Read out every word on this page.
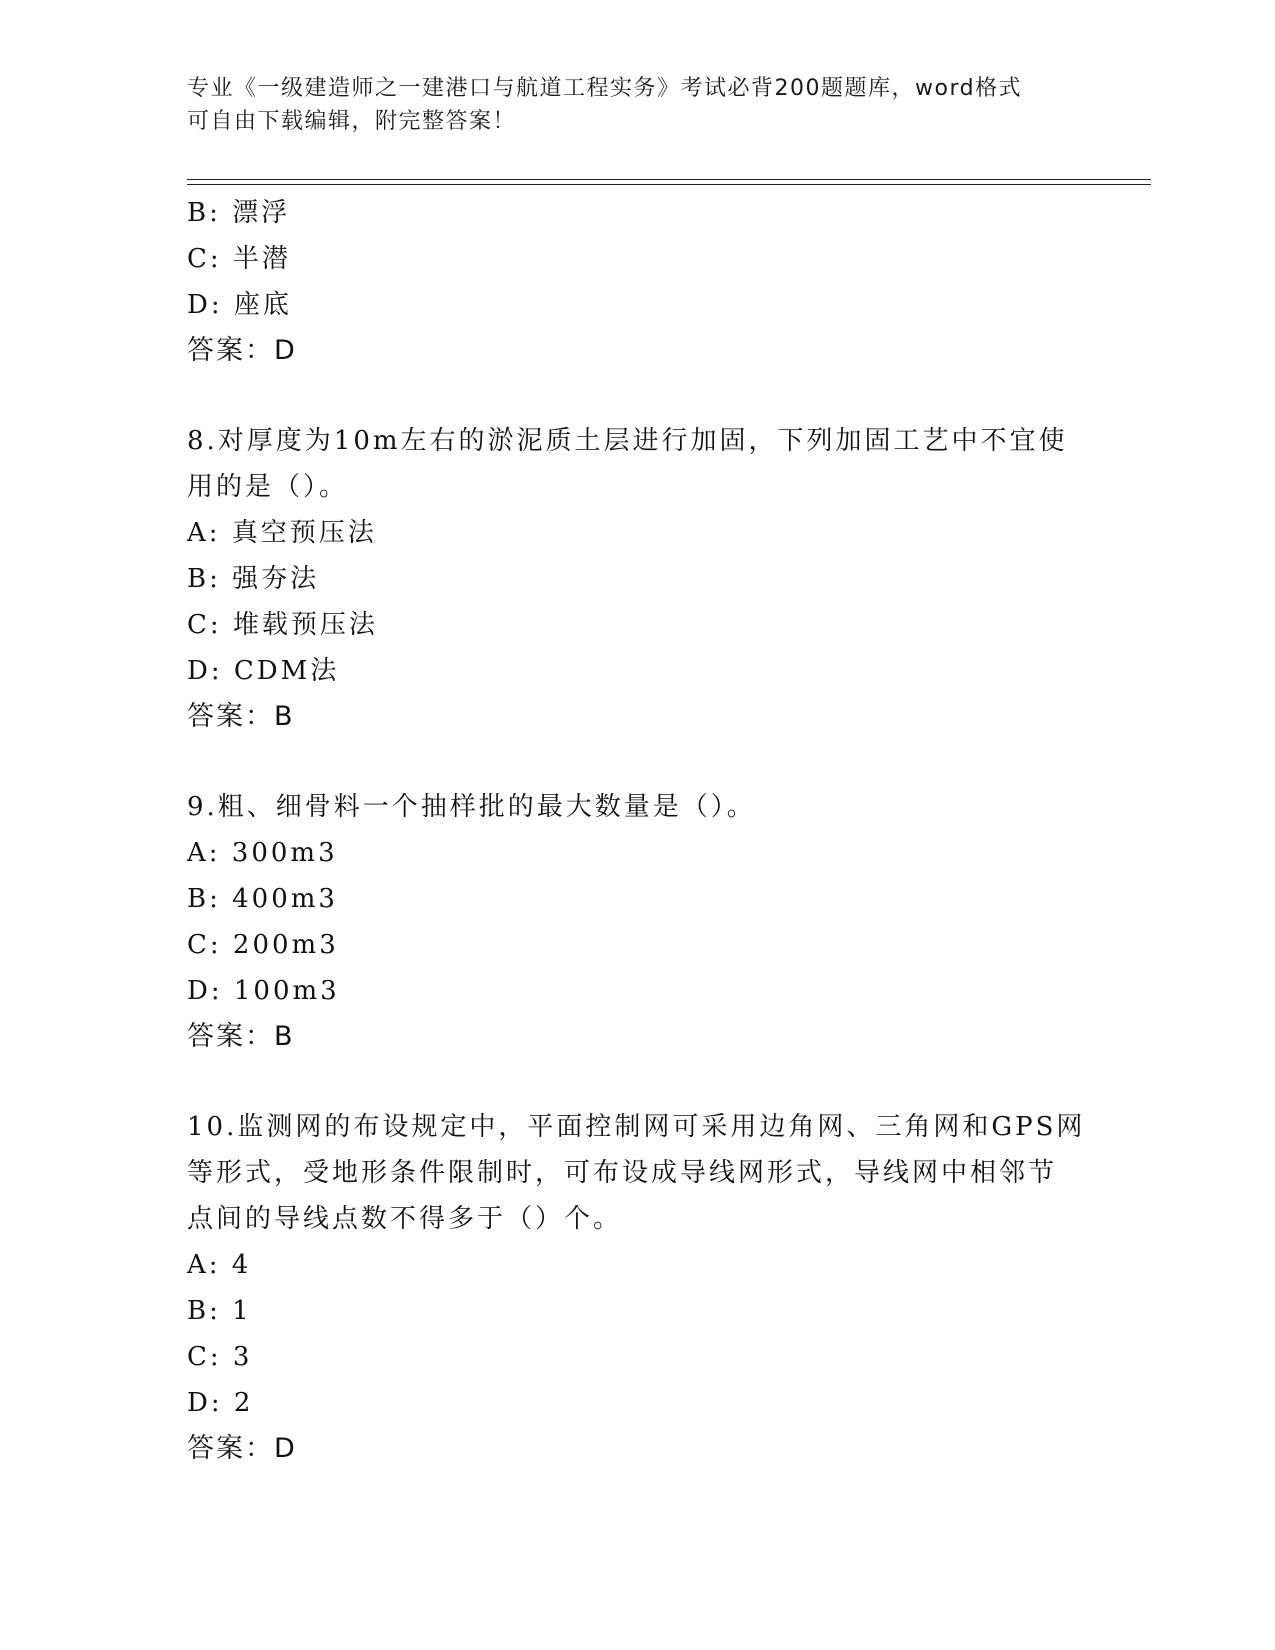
专业《一级建造师之一建港口与航道工程实务》考试必背200题题库，word格式
可自由下载编辑，附完整答案！
B: 漂浮
C: 半潜
D: 座底
答案：D
8.对厚度为10m左右的淤泥质土层进行加固，下列加固工艺中不宜使
用的是（）。
A: 真空预压法
B: 强夯法
C: 堆载预压法
D: CDM法
答案：B
9.粗、细骨料一个抽样批的最大数量是（）。
A: 300m3
B: 400m3
C: 200m3
D: 100m3
答案：B
10.监测网的布设规定中，平面控制网可采用边角网、三角网和GPS网
等形式，受地形条件限制时，可布设成导线网形式，导线网中相邻节
点间的导线点数不得多于（）个。
A: 4
B: 1
C: 3
D: 2
答案：D
